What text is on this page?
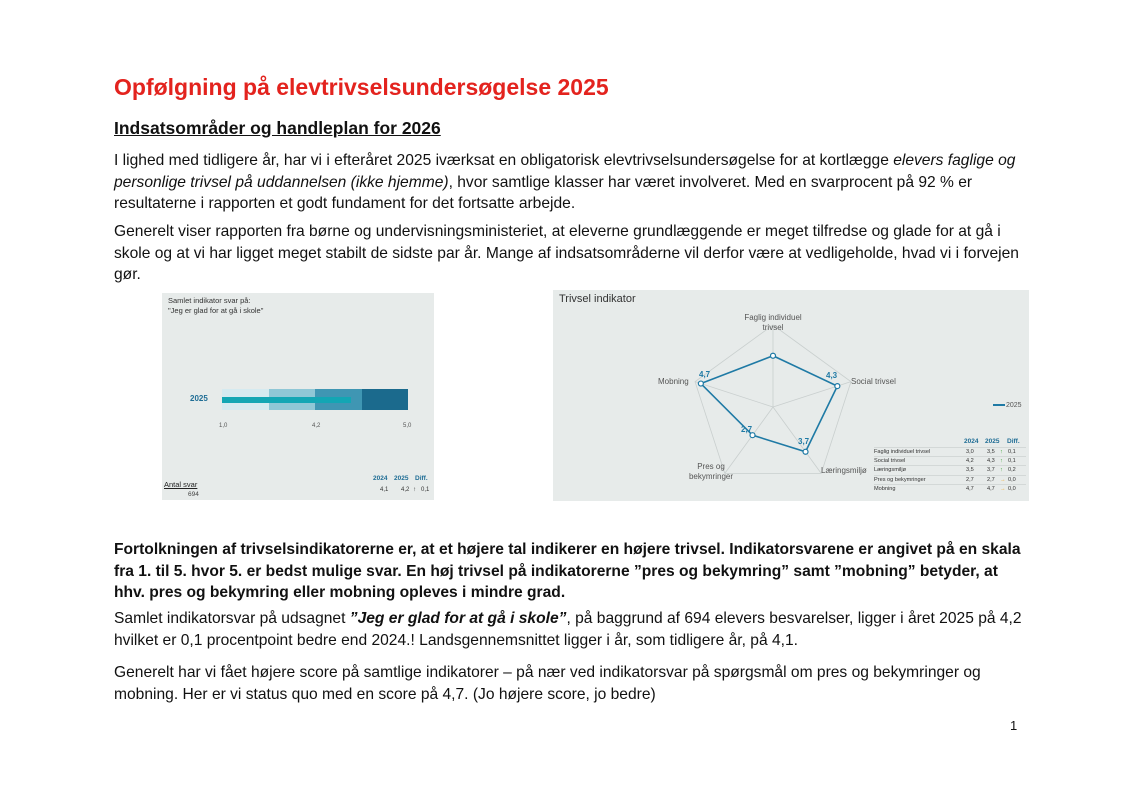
Opfølgning på elevtrivselsundersøgelse 2025
Indsatsområder og handleplan for 2026
I lighed med tidligere år, har vi i efteråret 2025 iværksat en obligatorisk elevtrivselsundersøgelse for at kortlægge elevers faglige og personlige trivsel på uddannelsen (ikke hjemme), hvor samtlige klasser har været involveret. Med en svarprocent på 92 % er resultaterne i rapporten et godt fundament for det fortsatte arbejde.
Generelt viser rapporten fra børne og undervisningsministeriet, at eleverne grundlæggende er meget tilfredse og glade for at gå i skole og at vi har ligget meget stabilt de sidste par år. Mange af indsatsområderne vil derfor være at vedligeholde, hvad vi i forvejen gør.
Samlet indikator svar på:
"Jeg er glad for at gå i skole"
2025
1,0	4,2	5,0
Antal svar
694
2024 2025 Diff.
4,1 4,2 ↑ 0,1
Trivsel indikator
Faglig individuel
trivsel
Social trivsel
Læringsmiljø
Pres og
bekymringer
Mobning
4,3
3,7
2,7
4,7
2025
2024 2025 Diff.
Faglig individuel trivsel	3,0 3,5 ↑ 0,1
Social trivsel	4,2 4,3 ↑ 0,1
Læringsmiljø	3,5 3,7 ↑ 0,2
Pres og bekymringer	2,7 2,7 → 0,0
Mobning	4,7 4,7 → 0,0
Fortolkningen af trivselsindikatorerne er, at et højere tal indikerer en højere trivsel. Indikatorsvarene er angivet på en skala fra 1. til 5. hvor 5. er bedst mulige svar. En høj trivsel på indikatorerne ”pres og bekymring” samt ”mobning” betyder, at hhv. pres og bekymring eller mobning opleves i mindre grad.
Samlet indikatorsvar på udsagnet ”Jeg er glad for at gå i skole”, på baggrund af 694 elevers besvarelser, ligger i året 2025 på 4,2 hvilket er 0,1 procentpoint bedre end 2024.! Landsgennemsnittet ligger i år, som tidligere år, på 4,1.
Generelt har vi fået højere score på samtlige indikatorer – på nær ved indikatorsvar på spørgsmål om pres og bekymringer og mobning. Her er vi status quo med en score på 4,7. (Jo højere score, jo bedre)
1
